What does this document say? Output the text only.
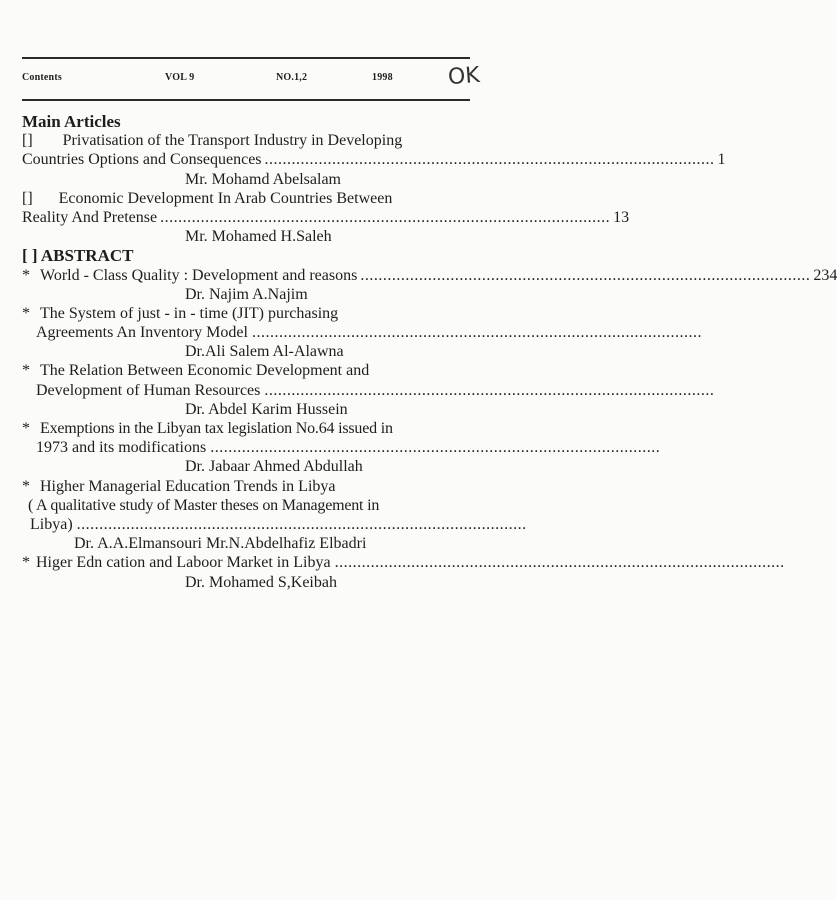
Contents	VOL 9	NO.1,2	1998 OK
Main Articles
[] Privatisation of the Transport Industry in Developing
Countries Options and Consequences .................................................................................................... 1
Mr. Mohamd Abelsalam
[] Economic Development In Arab Countries Between
Reality And Pretense .................................................................................................... 13
Mr. Mohamed H.Saleh
[ ] ABSTRACT
* World - Class Quality : Development and reasons .................................................................................................... 234
Dr. Najim A.Najim
* The System of just - in - time (JIT) purchasing
Agreements An Inventory Model ....................................................................................................
Dr.Ali Salem Al-Alawna
* The Relation Between Economic Development and
Development of Human Resources ....................................................................................................
Dr. Abdel Karim Hussein
* Exemptions in the Libyan tax legislation No.64 issued in
1973 and its modifications ....................................................................................................
Dr. Jabaar Ahmed Abdullah
* Higher Managerial Education Trends in Libya
( A qualitative study of Master theses on Management in
Libya) ....................................................................................................
Dr. A.A.Elmansouri Mr.N.Abdelhafiz Elbadri
* Higer Edn cation and Laboor Market in Libya ....................................................................................................
Dr. Mohamed S,Keibah
